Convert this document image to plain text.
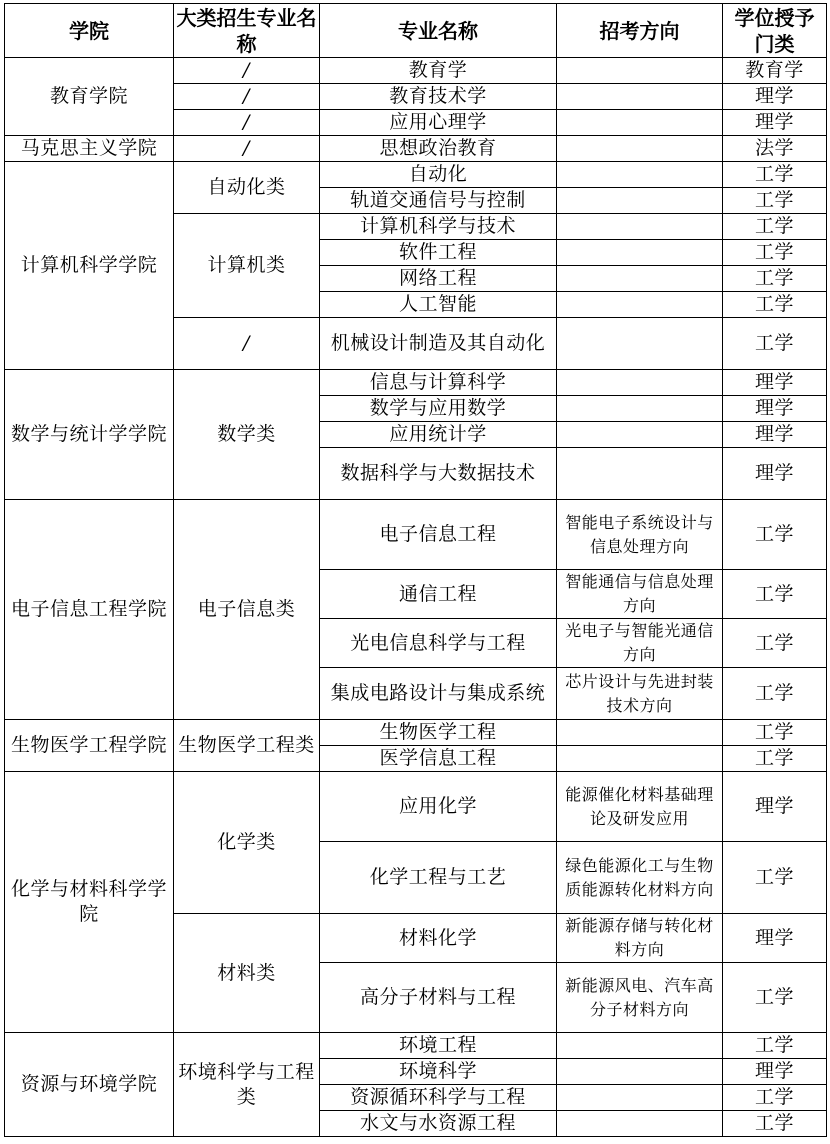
学院	大类招生专业名称	专业名称	招考方向	学位授予门类
教育学院	/	教育学		教育学
	/	教育技术学		理学
	/	应用心理学		理学
马克思主义学院	/	思想政治教育		法学
计算机科学学院	自动化类	自动化		工学
		轨道交通信号与控制		工学
	计算机类	计算机科学与技术		工学
		软件工程		工学
		网络工程		工学
		人工智能		工学
	/	机械设计制造及其自动化		工学
数学与统计学学院	数学类	信息与计算科学		理学
		数学与应用数学		理学
		应用统计学		理学
		数据科学与大数据技术		理学
电子信息工程学院	电子信息类	电子信息工程	智能电子系统设计与信息处理方向	工学
		通信工程	智能通信与信息处理方向	工学
		光电信息科学与工程	光电子与智能光通信方向	工学
		集成电路设计与集成系统	芯片设计与先进封装技术方向	工学
生物医学工程学院	生物医学工程类	生物医学工程		工学
		医学信息工程		工学
化学与材料科学学院	化学类	应用化学	能源催化材料基础理论及研发应用	理学
		化学工程与工艺	绿色能源化工与生物质能源转化材料方向	工学
	材料类	材料化学	新能源存储与转化材料方向	理学
		高分子材料与工程	新能源风电、汽车高分子材料方向	工学
资源与环境学院	环境科学与工程类	环境工程		工学
		环境科学		理学
		资源循环科学与工程		工学
		水文与水资源工程		工学
